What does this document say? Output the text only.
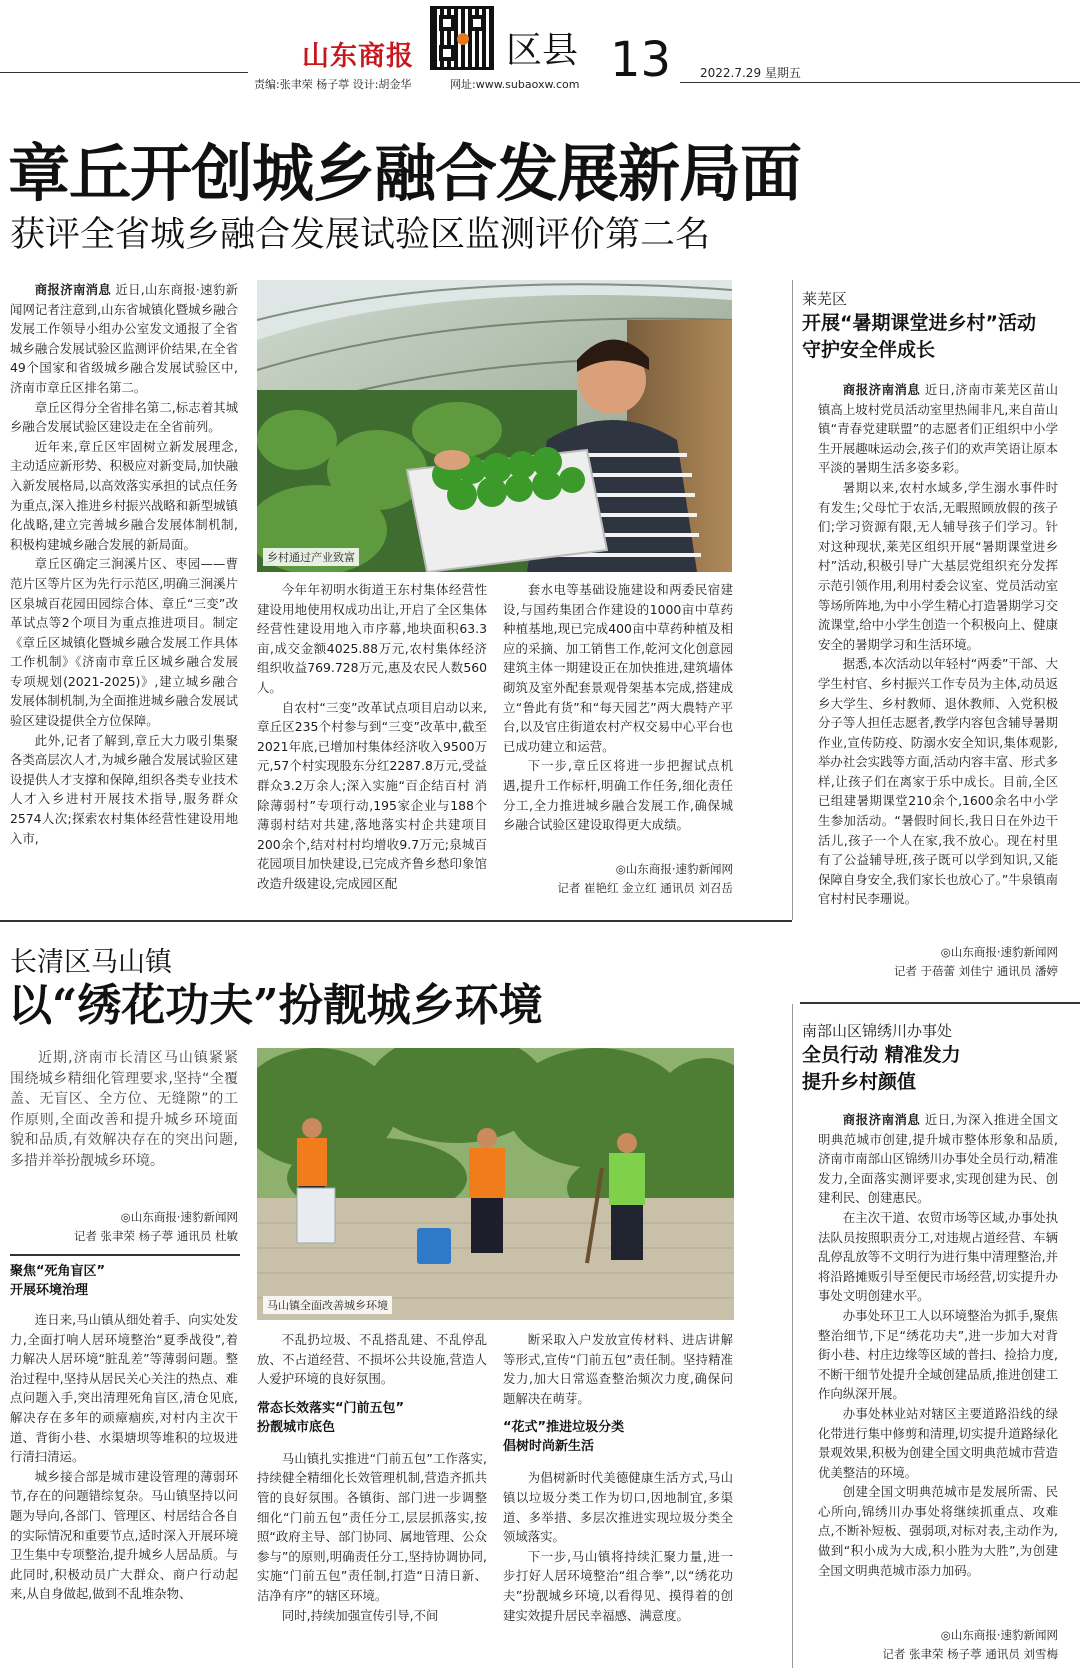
山东商报	区县 13 2022.7.29 星期五
责编:张聿荣 杨子葶 设计:胡金华	网址:www.subaoxw.com
章丘开创城乡融合发展新局面
获评全省城乡融合发展试验区监测评价第二名

商报济南消息 近日,山东商报·速豹新闻网记者注意到,山东省城镇化暨城乡融合发展工作领导小组办公室发文通报了全省城乡融合发展试验区监测评价结果,在全省49个国家和省级城乡融合发展试验区中,济南市章丘区排名第二。

章丘区得分全省排名第二,标志着其城乡融合发展试验区建设走在全省前列。

近年来,章丘区牢固树立新发展理念,主动适应新形势、积极应对新变局,加快融入新发展格局,以高效落实承担的试点任务为重点,深入推进乡村振兴战略和新型城镇化战略,建立完善城乡融合发展体制机制,积极构建城乡融合发展的新局面。

章丘区确定三涧溪片区、枣园——曹范片区等片区为先行示范区,明确三涧溪片区泉城百花园田园综合体、章丘“三变”改革试点等2个项目为重点推进项目。制定《章丘区城镇化暨城乡融合发展工作具体工作机制》《济南市章丘区城乡融合发展专项规划(2021-2025)》,建立城乡融合发展体制机制,为全面推进城乡融合发展试验区建设提供全方位保障。

此外,记者了解到,章丘大力吸引集聚各类高层次人才,为城乡融合发展试验区建设提供人才支撑和保障,组织各类专业技术人才入乡进村开展技术指导,服务群众2574人次;探索农村集体经营性建设用地入市,

乡村通过产业致富

今年年初明水街道王东村集体经营性建设用地使用权成功出让,开启了全区集体经营性建设用地入市序幕,地块面积63.3亩,成交金额4025.88万元,农村集体经济组织收益769.728万元,惠及农民人数560人。

自农村“三变”改革试点项目启动以来,章丘区235个村参与到“三变”改革中,截至2021年底,已增加村集体经济收入9500万元,57个村实现股东分红2287.8万元,受益群众3.2万余人;深入实施“百企结百村 消除薄弱村”专项行动,195家企业与188个薄弱村结对共建,落地落实村企共建项目200余个,结对村村均增收9.7万元;泉城百花园项目加快建设,已完成齐鲁乡愁印象馆改造升级建设,完成园区配

套水电等基础设施建设和两委民宿建设,与国药集团合作建设的1000亩中草药种植基地,现已完成400亩中草药种植及相应的采摘、加工销售工作,乾河文化创意园建筑主体一期建设正在加快推进,建筑墙体砌筑及室外配套景观骨架基本完成,搭建成立“鲁此有货”和“每天园艺”两大農特产平台,以及官庄街道农村产权交易中心平台也已成功建立和运营。

下一步,章丘区将进一步把握试点机遇,提升工作标杆,明确工作任务,细化责任分工,全力推进城乡融合发展工作,确保城乡融合试验区建设取得更大成绩。

◎山东商报·速豹新闻网
记者 崔艳红 金立红 通讯员 刘召岳
莱芜区
开展“暑期课堂进乡村”活动
守护安全伴成长

商报济南消息 近日,济南市莱芜区苗山镇高上坡村党员活动室里热闹非凡,来自苗山镇“青春党建联盟”的志愿者们正组织中小学生开展趣味运动会,孩子们的欢声笑语让原本平淡的暑期生活多姿多彩。

暑期以来,农村水域多,学生溺水事件时有发生;父母忙于农活,无暇照顾放假的孩子们;学习资源有限,无人辅导孩子们学习。针对这种现状,莱芜区组织开展“暑期课堂进乡村”活动,积极引导广大基层党组织充分发挥示范引领作用,利用村委会议室、党员活动室等场所阵地,为中小学生精心打造暑期学习交流课堂,给中小学生创造一个积极向上、健康安全的暑期学习和生活环境。

据悉,本次活动以年轻村“两委”干部、大学生村官、乡村振兴工作专员为主体,动员返乡大学生、乡村教师、退休教师、入党积极分子等人担任志愿者,教学内容包含辅导暑期作业,宣传防疫、防溺水安全知识,集体观影,举办社会实践等方面,活动内容丰富、形式多样,让孩子们在离家于乐中成长。目前,全区已组建暑期课堂210余个,1600余名中小学生参加活动。“暑假时间长,我日日在外边干活儿,孩子一个人在家,我不放心。现在村里有了公益辅导班,孩子既可以学到知识,又能保障自身安全,我们家长也放心了。”牛泉镇南官村村民李珊说。

◎山东商报·速豹新闻网
记者 于蓓蕾 刘佳宁 通讯员 潘婷
长清区马山镇
以“绣花功夫”扮靓城乡环境

近期,济南市长清区马山镇紧紧围绕城乡精细化管理要求,坚持“全覆盖、无盲区、全方位、无缝隙”的工作原则,全面改善和提升城乡环境面貌和品质,有效解决存在的突出问题,多措并举扮靓城乡环境。

◎山东商报·速豹新闻网
记者 张聿荣 杨子葶 通讯员 杜敏
马山镇全面改善城乡环境
聚焦“死角盲区”
开展环境治理

连日来,马山镇从细处着手、向实处发力,全面打响人居环境整治“夏季战役”,着力解决人居环境“脏乱差”等薄弱问题。整治过程中,坚持从居民关心关注的热点、难点问题入手,突出清理死角盲区,清仓见底,解决存在多年的顽瘴痼疾,对村内主次干道、背街小巷、水渠塘坝等堆积的垃圾进行清扫清运。

城乡接合部是城市建设管理的薄弱环节,存在的问题错综复杂。马山镇坚持以问题为导向,各部门、管理区、村居结合各自的实际情况和重要节点,适时深入开展环境卫生集中专项整治,提升城乡人居品质。与此同时,积极动员广大群众、商户行动起来,从自身做起,做到不乱堆杂物、

不乱扔垃圾、不乱搭乱建、不乱停乱放、不占道经营、不损坏公共设施,营造人人爱护环境的良好氛围。

常态长效落实“门前五包”
扮靓城市底色

马山镇扎实推进“门前五包”工作落实,持续健全精细化长效管理机制,营造齐抓共管的良好氛围。各镇街、部门进一步调整细化“门前五包”责任分工,层层抓落实,按照“政府主导、部门协同、属地管理、公众参与”的原则,明确责任分工,坚持协调协同,实施“门前五包”责任制,打造“日清日新、洁净有序”的辖区环境。

同时,持续加强宣传引导,不间

断采取入户发放宣传材料、进店讲解等形式,宣传“门前五包”责任制。坚持精准发力,加大日常巡查整治频次力度,确保问题解决在萌芽。

“花式”推进垃圾分类
倡树时尚新生活

为倡树新时代美德健康生活方式,马山镇以垃圾分类工作为切口,因地制宜,多渠道、多举措、多层次推进实现垃圾分类全领域落实。

下一步,马山镇将持续汇聚力量,进一步打好人居环境整治“组合拳”,以“绣花功夫”扮靓城乡环境,以看得见、摸得着的创建实效提升居民幸福感、满意度。

南部山区锦绣川办事处
全员行动 精准发力
提升乡村颜值

商报济南消息 近日,为深入推进全国文明典范城市创建,提升城市整体形象和品质,济南市南部山区锦绣川办事处全员行动,精准发力,全面落实测评要求,实现创建为民、创建利民、创建惠民。

在主次干道、农贸市场等区域,办事处执法队员按照职责分工,对违规占道经营、车辆乱停乱放等不文明行为进行集中清理整治,并将沿路摊贩引导至便民市场经营,切实提升办事处文明创建水平。

办事处环卫工人以环境整治为抓手,聚焦整治细节,下足“绣花功夫”,进一步加大对背街小巷、村庄边缘等区域的普扫、捡拾力度,不断干细节处提升全域创建品质,推进创建工作向纵深开展。

办事处林业站对辖区主要道路沿线的绿化带进行集中修剪和清理,切实提升道路绿化景观效果,积极为创建全国文明典范城市营造优美整洁的环境。

创建全国文明典范城市是发展所需、民心所向,锦绣川办事处将继续抓重点、攻难点,不断补短板、强弱项,对标对表,主动作为,做到“积小成为大成,积小胜为大胜”,为创建全国文明典范城市添力加码。

◎山东商报·速豹新闻网
记者 张聿荣 杨子葶 通讯员 刘雪梅
